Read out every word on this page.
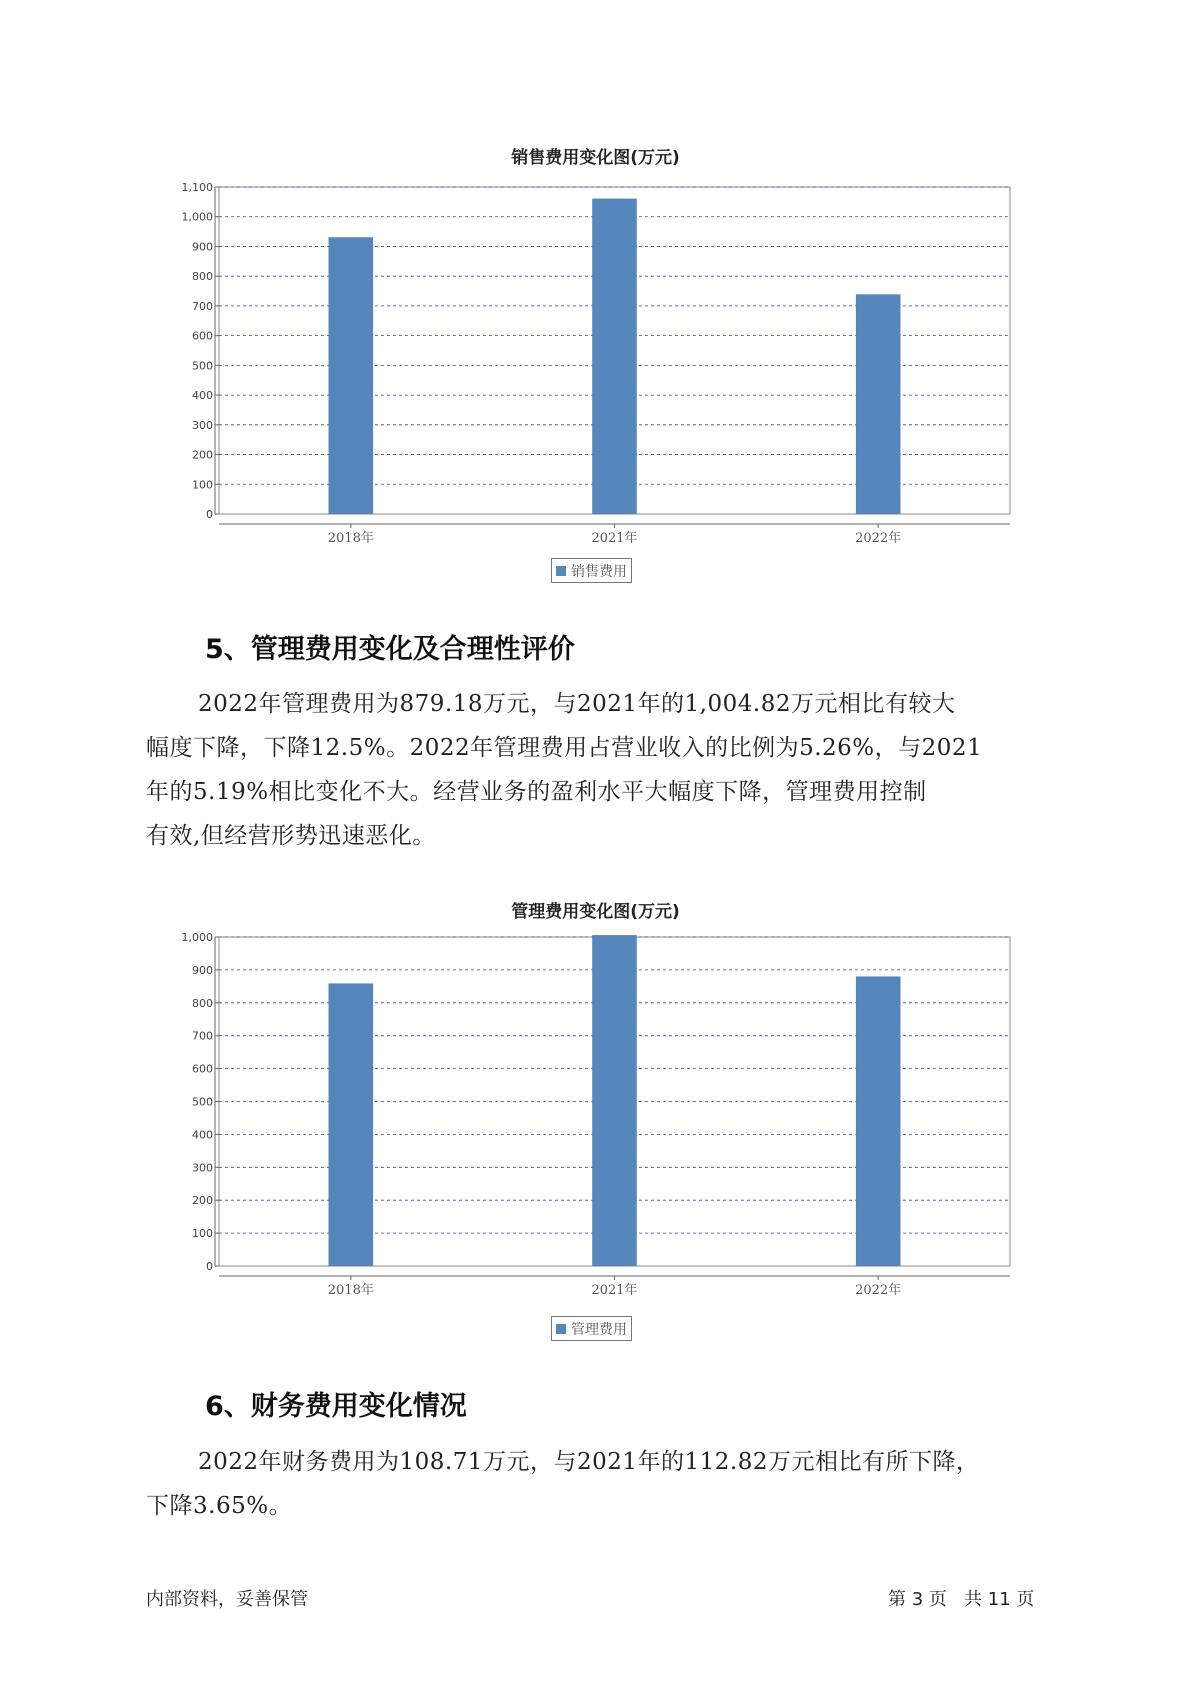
销售费用变化图(万元)
0
100
200
300
400
500
600
700
800
900
1,000
1,100
2018年	2021年	2022年
销售费用
5、管理费用变化及合理性评价
2022年管理费用为879.18万元，与2021年的1,004.82万元相比有较大
幅度下降，下降12.5%。2022年管理费用占营业收入的比例为5.26%，与2021
年的5.19%相比变化不大。经营业务的盈利水平大幅度下降，管理费用控制
有效,但经营形势迅速恶化。
管理费用变化图(万元)
0
100
200
300
400
500
600
700
800
900
1,000
2018年	2021年	2022年
管理费用
6、财务费用变化情况
2022年财务费用为108.71万元，与2021年的112.82万元相比有所下降，
下降3.65%。
内部资料，妥善保管	第 3 页   共 11 页
